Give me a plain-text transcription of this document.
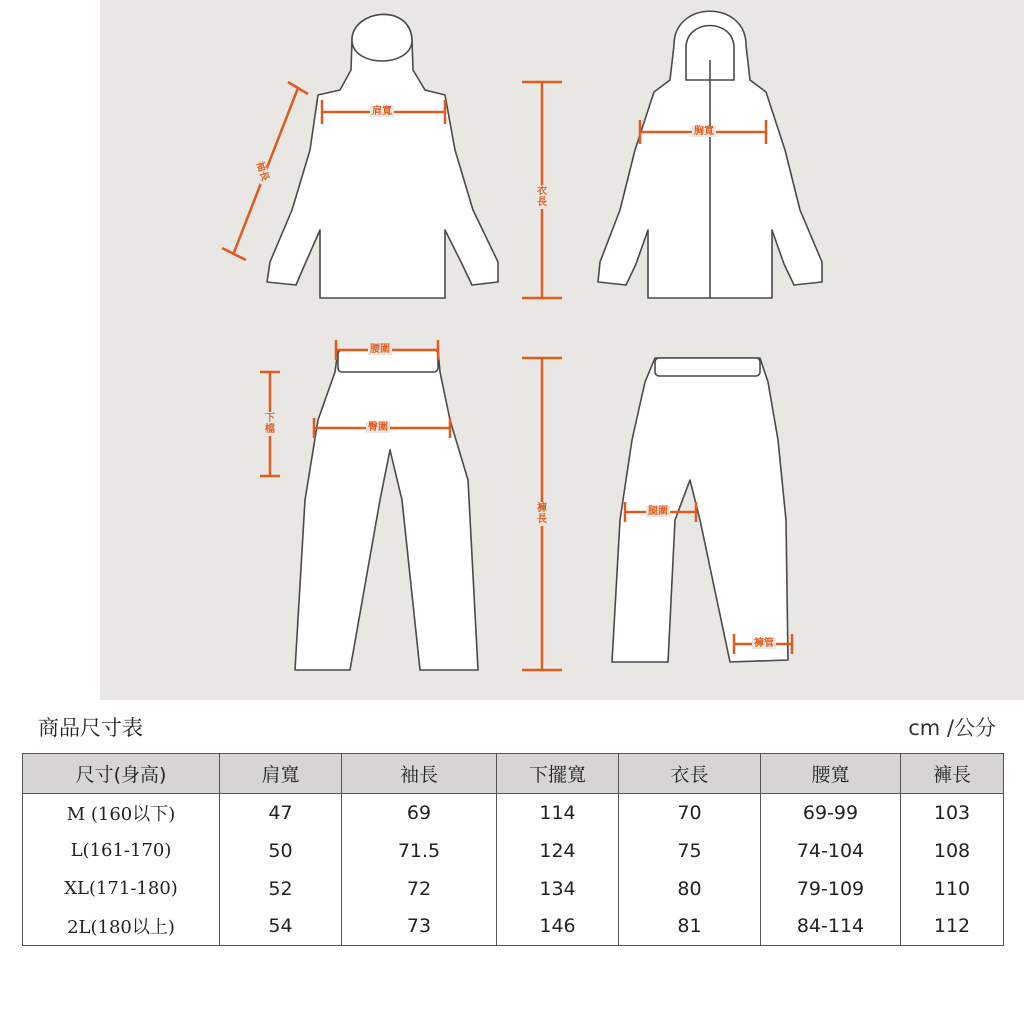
肩寬
袖長
衣長
胸寬
腰圍
下檔	臀圍
褲長
腿圍
褲管
商品尺寸表	cm /公分
尺寸(身高)	肩寬	袖長	下擺寬	衣長	腰寬	褲長
M (160以下)	47	69	114	70	69-99	103
L(161-170)	50	71.5	124	75	74-104	108
XL(171-180)	52	72	134	80	79-109	110
2L(180以上)	54	73	146	81	84-114	112
